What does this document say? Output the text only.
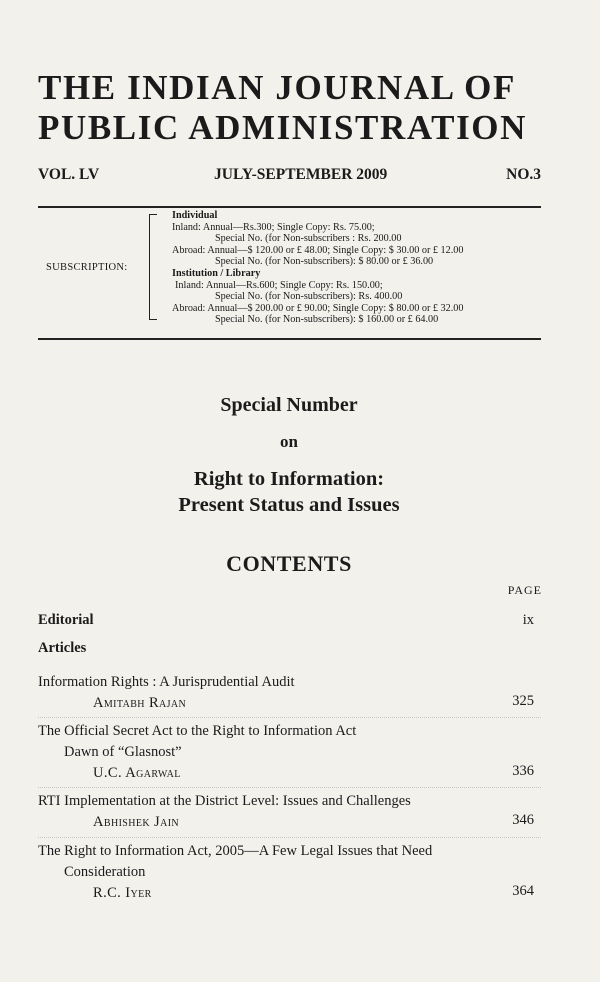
THE INDIAN JOURNAL OF
PUBLIC ADMINISTRATION
VOL. LV	JULY-SEPTEMBER 2009	NO.3
SUBSCRIPTION:
Individual
Inland: Annual—Rs.300; Single Copy: Rs. 75.00;
Special No. (for Non-subscribers : Rs. 200.00
Abroad: Annual—$ 120.00 or £ 48.00; Single Copy: $ 30.00 or £ 12.00
Special No. (for Non-subscribers): $ 80.00 or £ 36.00
Institution / Library
Inland: Annual—Rs.600; Single Copy: Rs. 150.00;
Special No. (for Non-subscribers): Rs. 400.00
Abroad: Annual—$ 200.00 or £ 90.00; Single Copy: $ 80.00 or £ 32.00
Special No. (for Non-subscribers): $ 160.00 or £ 64.00
Special Number
on
Right to Information:
Present Status and Issues
CONTENTS
PAGE
Editorial	ix
Articles
Information Rights : A Jurisprudential Audit
Amitabh Rajan	325
The Official Secret Act to the Right to Information Act
Dawn of “Glasnost”
U.C. Agarwal	336
RTI Implementation at the District Level: Issues and Challenges
Abhishek Jain	346
The Right to Information Act, 2005—A Few Legal Issues that Need
Consideration
R.C. Iyer	364
